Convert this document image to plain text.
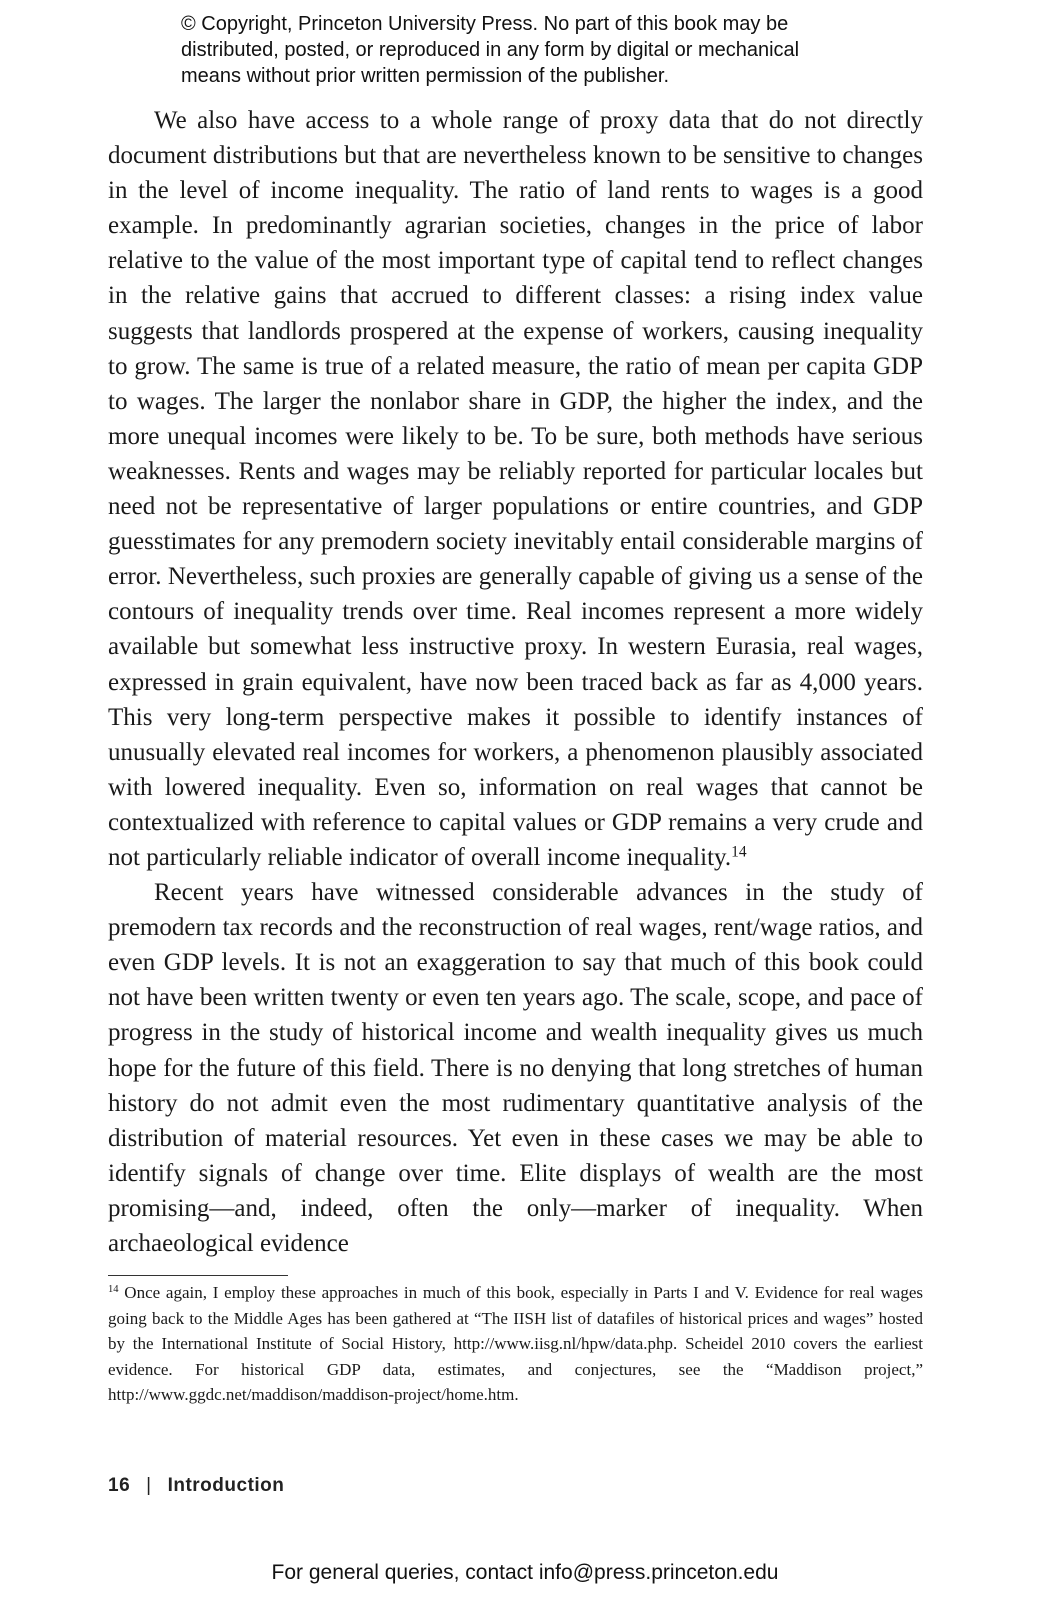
© Copyright, Princeton University Press. No part of this book may be
distributed, posted, or reproduced in any form by digital or mechanical
means without prior written permission of the publisher.

We also have access to a whole range of proxy data that do not directly document distributions but that are nevertheless known to be sensitive to changes in the level of income inequality. The ratio of land rents to wages is a good example. In predominantly agrarian societies, changes in the price of labor relative to the value of the most important type of capital tend to reflect changes in the relative gains that accrued to different classes: a rising index value suggests that landlords prospered at the expense of workers, causing inequality to grow. The same is true of a related measure, the ratio of mean per capita GDP to wages. The larger the nonlabor share in GDP, the higher the index, and the more unequal incomes were likely to be. To be sure, both methods have serious weaknesses. Rents and wages may be reliably reported for particular locales but need not be representative of larger populations or entire countries, and GDP guesstimates for any premodern society inevitably entail considerable margins of error. Nevertheless, such proxies are generally capable of giving us a sense of the contours of inequality trends over time. Real incomes represent a more widely available but somewhat less instructive proxy. In western Eurasia, real wages, expressed in grain equivalent, have now been traced back as far as 4,000 years. This very long-term perspective makes it possible to identify instances of unusually elevated real incomes for workers, a phenomenon plausibly associated with lowered inequality. Even so, information on real wages that cannot be contextualized with reference to capital values or GDP remains a very crude and not particularly reliable indicator of overall income inequality.$^{14}$

Recent years have witnessed considerable advances in the study of premodern tax records and the reconstruction of real wages, rent/wage ratios, and even GDP levels. It is not an exaggeration to say that much of this book could not have been written twenty or even ten years ago. The scale, scope, and pace of progress in the study of historical income and wealth inequality gives us much hope for the future of this field. There is no denying that long stretches of human history do not admit even the most rudimentary quantitative analysis of the distribution of material resources. Yet even in these cases we may be able to identify signals of change over time. Elite displays of wealth are the most promising—and, indeed, often the only—marker of inequality. When archaeological evidence

$^{14}$ Once again, I employ these approaches in much of this book, especially in Parts I and V. Evidence for real wages going back to the Middle Ages has been gathered at “The IISH list of datafiles of historical prices and wages” hosted by the International Institute of Social History, http://www.iisg.nl/hpw/data.php. Scheidel 2010 covers the earliest evidence. For historical GDP data, estimates, and conjectures, see the “Maddison project,” http://www.ggdc.net/maddison/maddison-project/home.htm.

16 | Introduction
For general queries, contact info@press.princeton.edu
